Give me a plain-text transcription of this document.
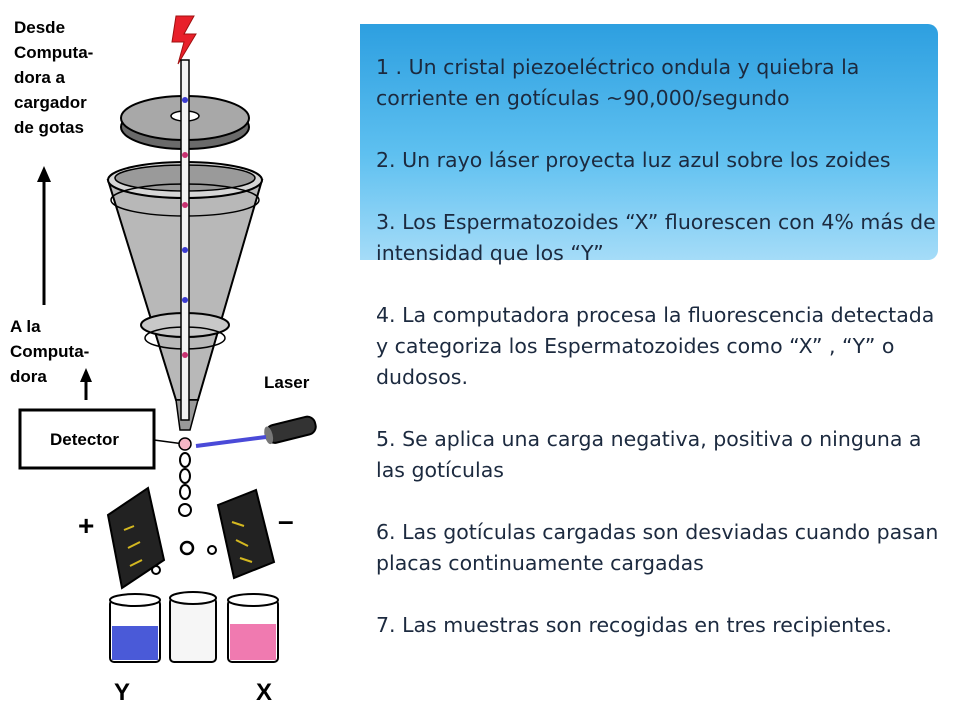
Desde
Computa-
dora a
cargador
de gotas
A la
Computa-
dora
Detector
Laser
+	–
Y	X

1 . Un cristal piezoeléctrico ondula y quiebra la corriente en gotículas ~90,000/segundo

2. Un rayo láser proyecta luz azul sobre los zoides

3. Los Espermatozoides “X” fluorescen con 4% más de intensidad que los “Y”

4. La computadora procesa la fluorescencia detectada y categoriza los Espermatozoides como “X” , “Y” o dudosos.

5. Se aplica una carga negativa, positiva o ninguna a las gotículas

6. Las gotículas cargadas son desviadas cuando pasan placas continuamente cargadas

7. Las muestras son recogidas en tres recipientes.
